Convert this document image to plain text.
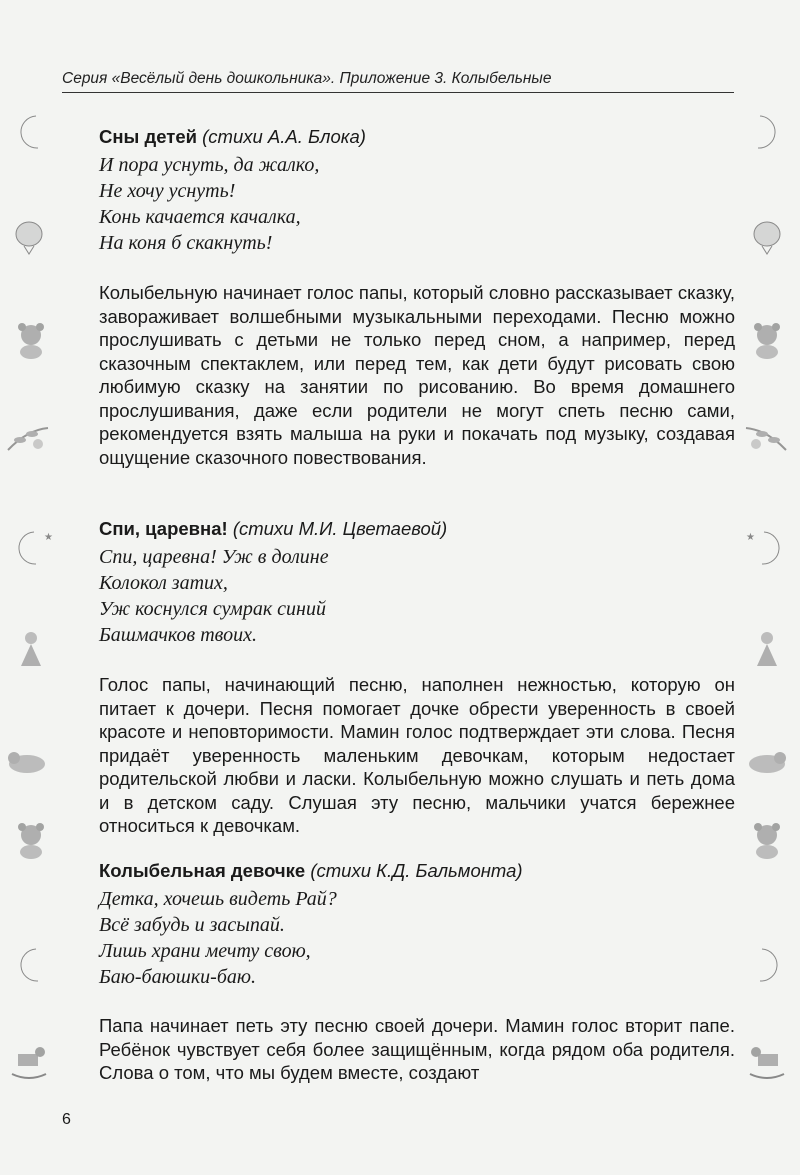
Серия «Весёлый день дошкольника». Приложение 3. Колыбельные

Сны детей (стихи А.А. Блока)

И пора уснуть, да жалко,

Не хочу уснуть!

Конь качается качалка,

На коня б скакнуть!

Колыбельную начинает голос папы, который словно рассказывает сказку, завораживает волшебными музыкальными переходами. Песню можно прослушивать с детьми не только перед сном, а например, перед сказочным спектаклем, или перед тем, как дети будут рисовать свою любимую сказку на занятии по рисованию. Во время домашнего прослушивания, даже если родители не могут спеть песню сами, рекомендуется взять малыша на руки и покачать под музыку, создавая ощущение сказочного повествования.

Спи, царевна! (стихи М.И. Цветаевой)

Спи, царевна! Уж в долине

Колокол затих,

Уж коснулся сумрак синий

Башмачков твоих.

Голос папы, начинающий песню, наполнен нежностью, которую он питает к дочери. Песня помогает дочке обрести уверенность в своей красоте и неповторимости. Мамин голос подтверждает эти слова. Песня придаёт уверенность маленьким девочкам, которым недостает родительской любви и ласки. Колыбельную можно слушать и петь дома и в детском саду. Слушая эту песню, мальчики учатся бережнее относиться к девочкам.

Колыбельная девочке (стихи К.Д. Бальмонта)

Детка, хочешь видеть Рай?

Всё забудь и засыпай.

Лишь храни мечту свою,

Баю-баюшки-баю.

Папа начинает петь эту песню своей дочери. Мамин голос вторит папе. Ребёнок чувствует себя более защищённым, когда рядом оба родителя. Слова о том, что мы будем вместе, создают

6
★	★
